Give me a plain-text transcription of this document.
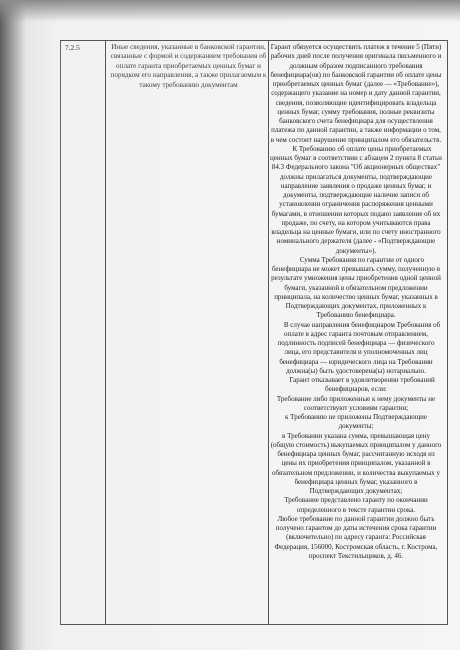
7.2.5	Иные сведения, указанные в банковской гарантии, связанные с формой и содержанием требования об оплате гаранта приобретаемых ценных бумаг и порядком его направления, а также прилагаемым к такому требованию документам

Гарант обязуется осуществить платеж в течение 5 (Пяти) рабочих дней после получения оригинала письменного и должным образом подписанного требования бенефициара(ов) по банковской гарантии об оплате цены приобретаемых ценных бумаг (далее — «Требование»), содержащего указание на номер и дату данной гарантии, сведения, позволяющие идентифицировать владельца ценных бумаг, сумму требования, полные реквизиты банковского счета бенефициара для осуществления платежа по данной гарантии, а также информации о том, в чем состоит нарушение принципалом его обязательств.

К Требованию об оплате цены приобретаемых ценных бумаг в соответствии с абзацем 2 пункта 8 статьи 84.3 Федерального закона "Об акционерных обществах" должны прилагаться документы, подтверждающие направление заявления о продаже ценных бумаг, и документы, подтверждающие наличие записи об установлении ограничения распоряжения ценными бумагами, в отношении которых подано заявление об их продаже, по счету, на котором учитываются права владельца на ценные бумаги, или по счету иностранного номинального держателя (далее - «Подтверждающие документы»).

Сумма Требования по гарантии от одного бенефициара не может превышать сумму, полученную в результате умножения цены приобретения одной ценной бумаги, указанной в обязательном предложении принципала, на количество ценных бумаг, указанных в Подтверждающих документах, приложенных к Требованию бенефициара.

В случае направления бенефициаром Требования об оплате в адрес гаранта почтовым отправлением, подлинность подписей бенефициара — физического лица, его представителя и уполномоченных лиц бенефициара — юридического лица на Требовании должна(ы) быть удостоверена(ы) нотариально.

Гарант отказывает в удовлетворении требований бенефициаров, если:

Требование либо приложенные к нему документы не соответствуют условиям гарантии;

к Требованию не приложены Подтверждающие документы;

в Требовании указана сумма, превышающая цену (общую стоимость) выкупаемых принципалом у данного бенефициара ценных бумаг, рассчитанную исходя из цены их приобретения принципалом, указанной в обязательном предложении, и количества выкупаемых у бенефициара ценных бумаг, указанного в Подтверждающих документах;

Требование представлено гаранту по окончании определенного в тексте гарантии срока.

Любое требование по данной гарантии должно быть получено гарантом до даты истечения срока гарантии (включительно) по адресу гаранта: Российская Федерация, 156000, Костромская область, г. Кострома, проспект Текстильщиков, д. 46.
